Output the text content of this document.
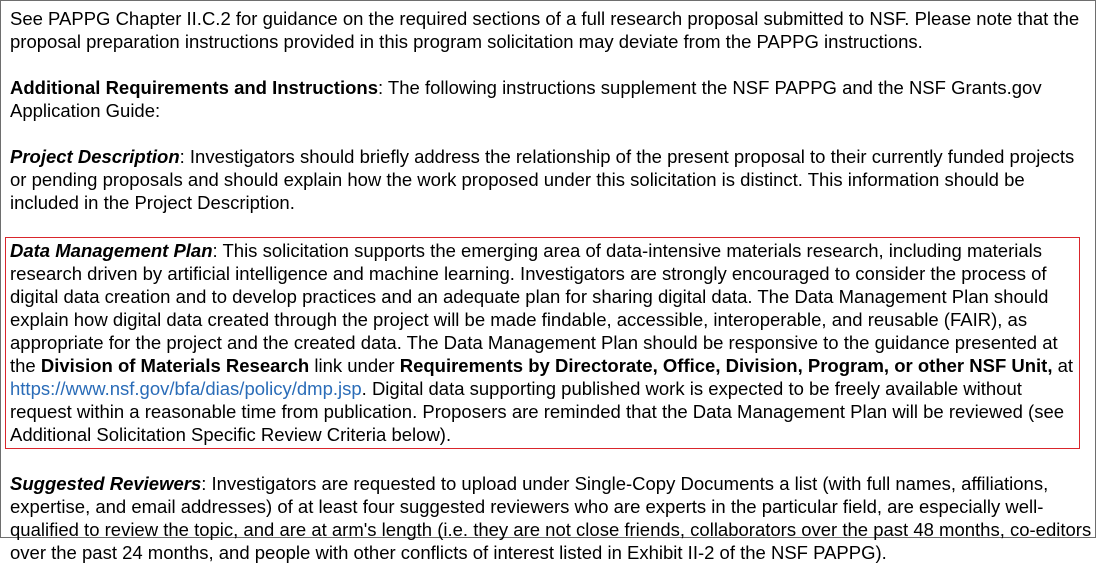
See PAPPG Chapter II.C.2 for guidance on the required sections of a full research proposal submitted to NSF. Please note that the proposal preparation instructions provided in this program solicitation may deviate from the PAPPG instructions.

Additional Requirements and Instructions: The following instructions supplement the NSF PAPPG and the NSF Grants.gov Application Guide:

Project Description: Investigators should briefly address the relationship of the present proposal to their currently funded projects or pending proposals and should explain how the work proposed under this solicitation is distinct. This information should be included in the Project Description.

Data Management Plan: This solicitation supports the emerging area of data-intensive materials research, including materials research driven by artificial intelligence and machine learning. Investigators are strongly encouraged to consider the process of digital data creation and to develop practices and an adequate plan for sharing digital data. The Data Management Plan should explain how digital data created through the project will be made findable, accessible, interoperable, and reusable (FAIR), as appropriate for the project and the created data. The Data Management Plan should be responsive to the guidance presented at the Division of Materials Research link under Requirements by Directorate, Office, Division, Program, or other NSF Unit, at https://www.nsf.gov/bfa/dias/policy/dmp.jsp. Digital data supporting published work is expected to be freely available without request within a reasonable time from publication. Proposers are reminded that the Data Management Plan will be reviewed (see Additional Solicitation Specific Review Criteria below).

Suggested Reviewers: Investigators are requested to upload under Single-Copy Documents a list (with full names, affiliations, expertise, and email addresses) of at least four suggested reviewers who are experts in the particular field, are especially well-qualified to review the topic, and are at arm's length (i.e. they are not close friends, collaborators over the past 48 months, co-editors over the past 24 months, and people with other conflicts of interest listed in Exhibit II-2 of the NSF PAPPG).
